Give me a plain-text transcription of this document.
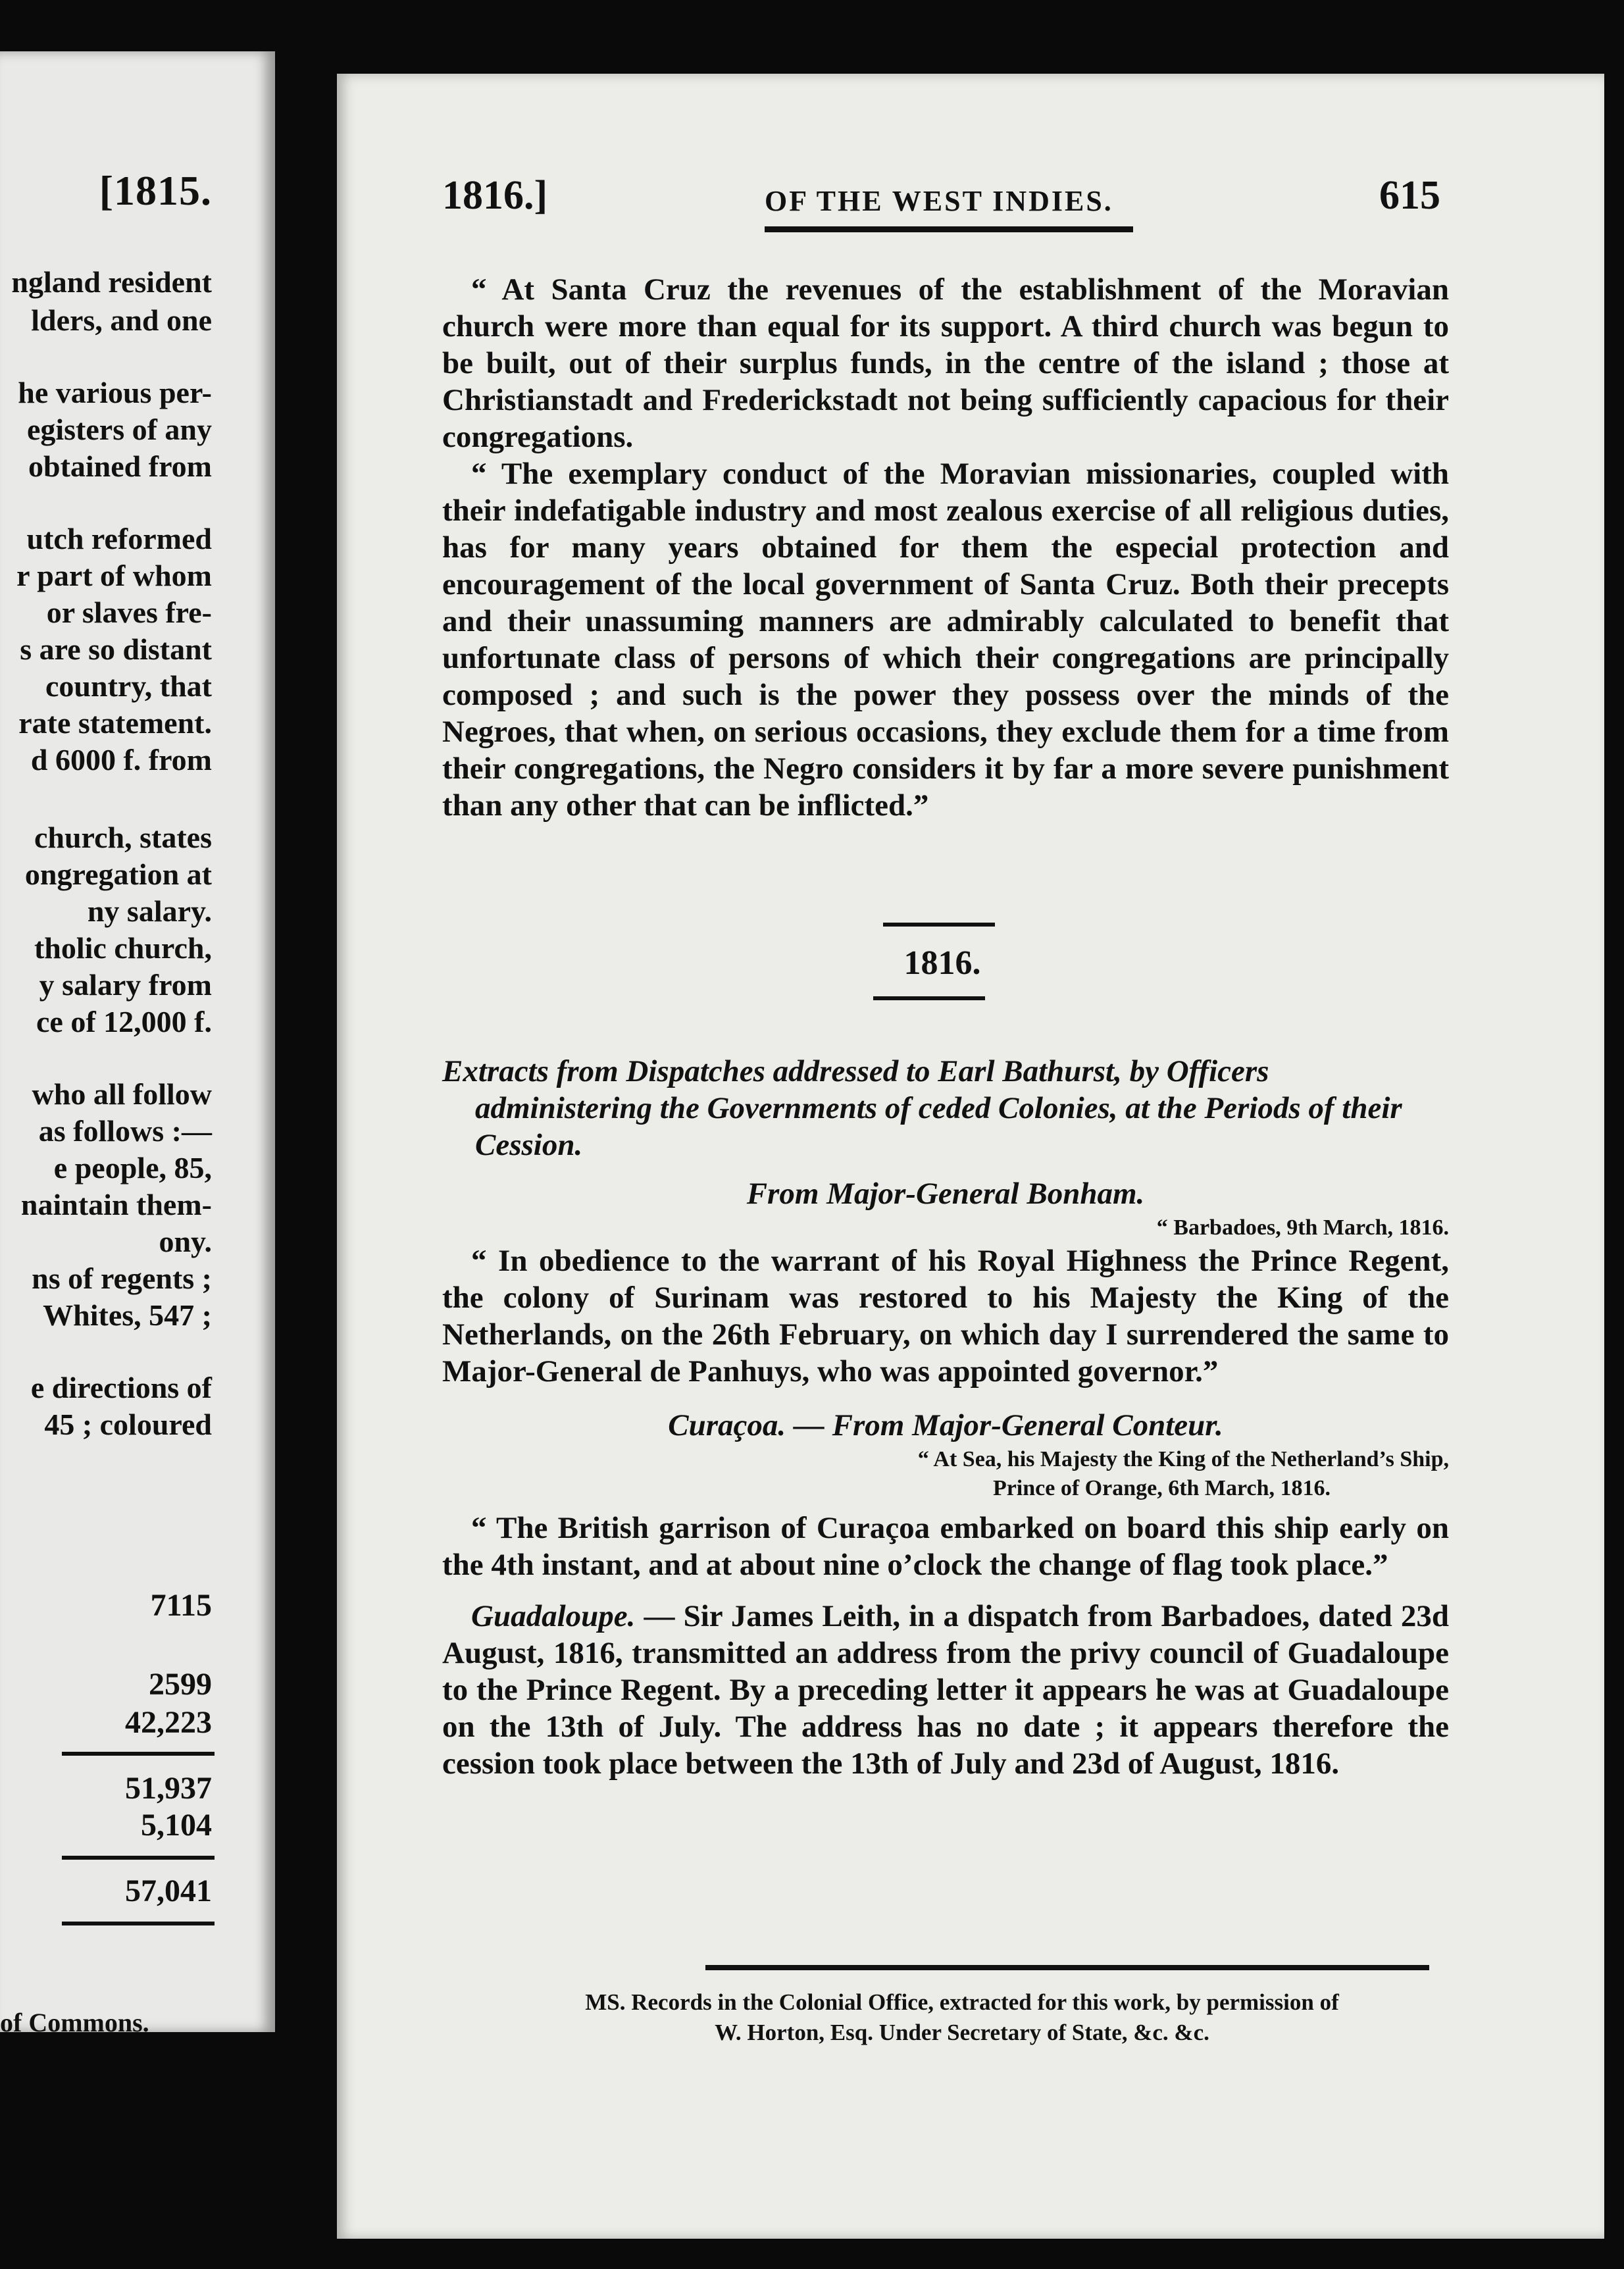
[1815.
ngland resident
lders, and one
he various per-
egisters of any
obtained from
utch reformed
r part of whom
or slaves fre-
s are so distant
country, that
rate statement.
d 6000 f. from
church, states
ongregation at
ny salary.
tholic church,
y salary from
ce of 12,000 f.
who all follow
as follows :—
e people, 85,
naintain them-
ony.
ns of regents ;
Whites, 547 ;
e directions of
45 ; coloured
7115
2599
42,223
51,937
5,104
57,041
of Commons.
1816.]	OF THE WEST INDIES.	615

“ At Santa Cruz the revenues of the establishment of the Moravian church were more than equal for its support. A third church was begun to be built, out of their surplus funds, in the centre of the island ; those at Christianstadt and Frederickstadt not being sufficiently capacious for their congregations.

“ The exemplary conduct of the Moravian missionaries, coupled with their indefatigable industry and most zealous exercise of all religious duties, has for many years obtained for them the especial protection and encouragement of the local government of Santa Cruz. Both their precepts and their unassuming manners are admirably calculated to benefit that unfortunate class of persons of which their congregations are principally composed ; and such is the power they possess over the minds of the Negroes, that when, on serious occasions, they exclude them for a time from their congregations, the Negro considers it by far a more severe punishment than any other that can be inflicted.”

1816.

Extracts from Dispatches addressed to Earl Bathurst, by Officers administering the Governments of ceded Colonies, at the Periods of their Cession.

From Major-General Bonham.

“ Barbadoes, 9th March, 1816.

“ In obedience to the warrant of his Royal Highness the Prince Regent, the colony of Surinam was restored to his Majesty the King of the Netherlands, on the 26th February, on which day I surrendered the same to Major-General de Panhuys, who was appointed governor.”

Curaçoa. — From Major-General Conteur.

“ At Sea, his Majesty the King of the Netherland’s Ship,

Prince of Orange, 6th March, 1816.

“ The British garrison of Curaçoa embarked on board this ship early on the 4th instant, and at about nine o’clock the change of flag took place.”

Guadaloupe. — Sir James Leith, in a dispatch from Barbadoes, dated 23d August, 1816, transmitted an address from the privy council of Guadaloupe to the Prince Regent. By a preceding letter it appears he was at Guadaloupe on the 13th of July. The address has no date ; it appears therefore the cession took place between the 13th of July and 23d of August, 1816.

MS. Records in the Colonial Office, extracted for this work, by permission of
W. Horton, Esq. Under Secretary of State, &c. &c.
